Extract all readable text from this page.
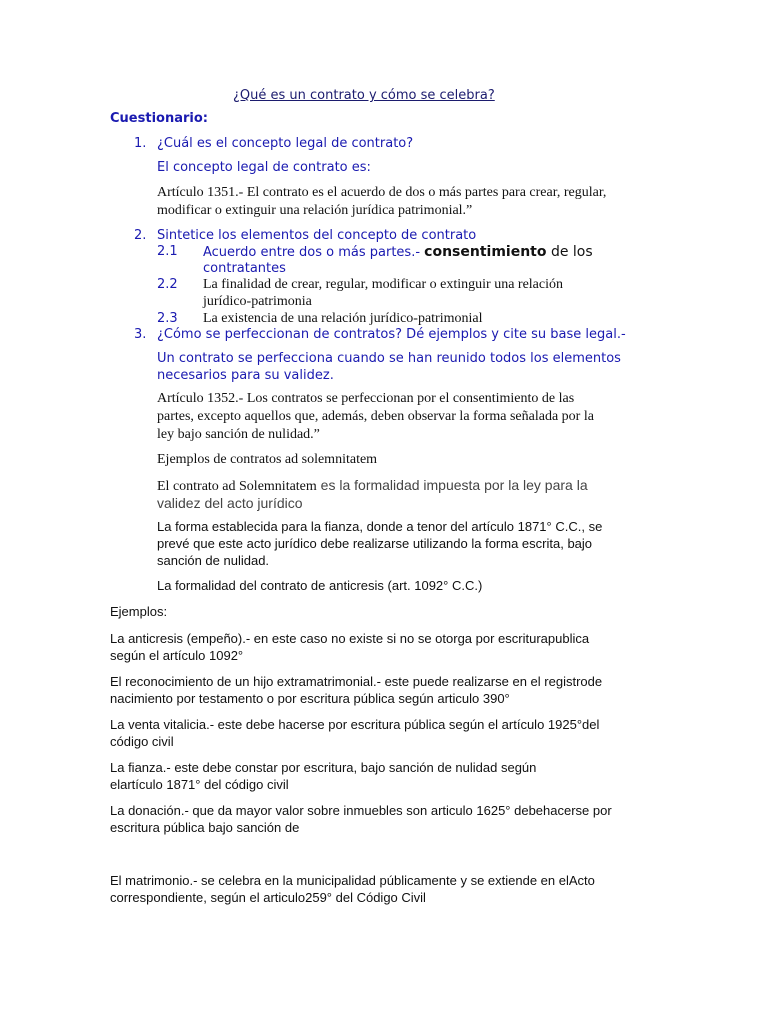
¿Qué es un contrato y cómo se celebra?
Cuestionario:
1. ¿Cuál es el concepto legal de contrato?
El concepto legal de contrato es:
Artículo 1351.- El contrato es el acuerdo de dos o más partes para crear, regular,
modificar o extinguir una relación jurídica patrimonial.”
2. Sintetice los elementos del concepto de contrato
2.1 Acuerdo entre dos o más partes.- consentimiento de los
contratantes
2.2 La finalidad de crear, regular, modificar o extinguir una relación
jurídico-patrimonia
2.3 La existencia de una relación jurídico-patrimonial
3. ¿Cómo se perfeccionan de contratos? Dé ejemplos y cite su base legal.-
Un contrato se perfecciona cuando se han reunido todos los elementos
necesarios para su validez.
Artículo 1352.- Los contratos se perfeccionan por el consentimiento de las
partes, excepto aquellos que, además, deben observar la forma señalada por la
ley bajo sanción de nulidad.”
Ejemplos de contratos ad solemnitatem
El contrato ad Solemnitatem es la formalidad impuesta por la ley para la
validez del acto jurídico
La forma establecida para la fianza, donde a tenor del artículo 1871° C.C., se
prevé que este acto jurídico debe realizarse utilizando la forma escrita, bajo
sanción de nulidad.
La formalidad del contrato de anticresis (art. 1092° C.C.)
Ejemplos:
La anticresis (empeño).- en este caso no existe si no se otorga por escriturapublica
según el artículo 1092°
El reconocimiento de un hijo extramatrimonial.- este puede realizarse en el registrode
nacimiento por testamento o por escritura pública según articulo 390°
La venta vitalicia.- este debe hacerse por escritura pública según el artículo 1925°del
código civil
La fianza.- este debe constar por escritura, bajo sanción de nulidad según
elartículo 1871° del código civil
La donación.- que da mayor valor sobre inmuebles son articulo 1625° debehacerse por
escritura pública bajo sanción de
El matrimonio.- se celebra en la municipalidad públicamente y se extiende en elActo
correspondiente, según el articulo259° del Código Civil
